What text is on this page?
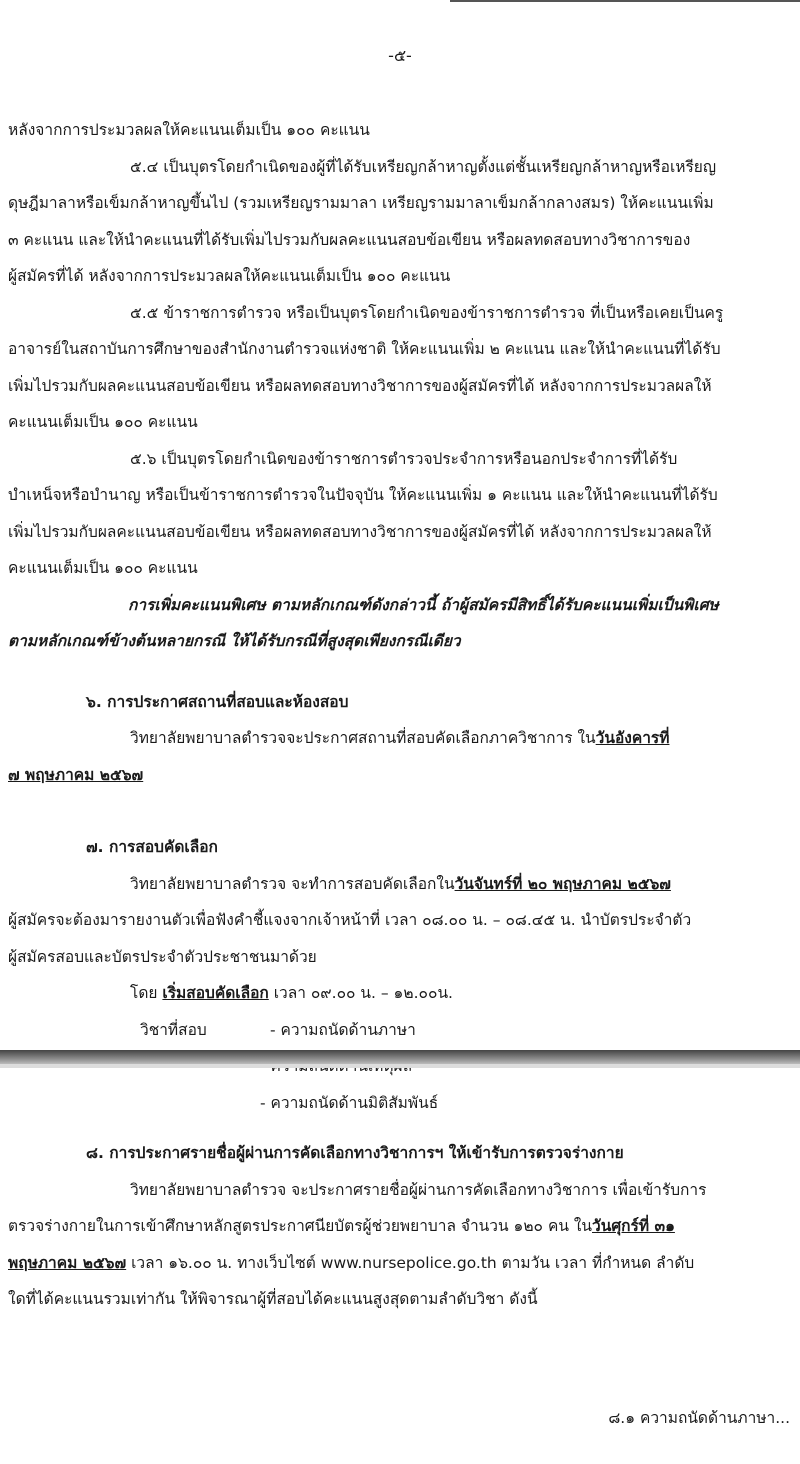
-๕-
หลังจากการประมวลผลให้คะแนนเต็มเป็น ๑๐๐ คะแนน
๕.๔ เป็นบุตรโดยกำเนิดของผู้ที่ได้รับเหรียญกล้าหาญตั้งแต่ชั้นเหรียญกล้าหาญหรือเหรียญ
ดุษฎีมาลาหรือเข็มกล้าหาญขึ้นไป (รวมเหรียญรามมาลา เหรียญรามมาลาเข็มกล้ากลางสมร) ให้คะแนนเพิ่ม
๓ คะแนน และให้นำคะแนนที่ได้รับเพิ่มไปรวมกับผลคะแนนสอบข้อเขียน หรือผลทดสอบทางวิชาการของ
ผู้สมัครที่ได้ หลังจากการประมวลผลให้คะแนนเต็มเป็น ๑๐๐ คะแนน
๕.๕ ข้าราชการตำรวจ หรือเป็นบุตรโดยกำเนิดของข้าราชการตำรวจ ที่เป็นหรือเคยเป็นครู
อาจารย์ในสถาบันการศึกษาของสำนักงานตำรวจแห่งชาติ ให้คะแนนเพิ่ม ๒ คะแนน และให้นำคะแนนที่ได้รับ
เพิ่มไปรวมกับผลคะแนนสอบข้อเขียน หรือผลทดสอบทางวิชาการของผู้สมัครที่ได้ หลังจากการประมวลผลให้
คะแนนเต็มเป็น ๑๐๐ คะแนน
๕.๖ เป็นบุตรโดยกำเนิดของข้าราชการตำรวจประจำการหรือนอกประจำการที่ได้รับ
บำเหน็จหรือบำนาญ หรือเป็นข้าราชการตำรวจในปัจจุบัน ให้คะแนนเพิ่ม ๑ คะแนน และให้นำคะแนนที่ได้รับ
เพิ่มไปรวมกับผลคะแนนสอบข้อเขียน หรือผลทดสอบทางวิชาการของผู้สมัครที่ได้ หลังจากการประมวลผลให้
คะแนนเต็มเป็น ๑๐๐ คะแนน
การเพิ่มคะแนนพิเศษ ตามหลักเกณฑ์ดังกล่าวนี้ ถ้าผู้สมัครมีสิทธิ์ได้รับคะแนนเพิ่มเป็นพิเศษ
ตามหลักเกณฑ์ข้างต้นหลายกรณี ให้ได้รับกรณีที่สูงสุดเพียงกรณีเดียว
๖. การประกาศสถานที่สอบและห้องสอบ
วิทยาลัยพยาบาลตำรวจจะประกาศสถานที่สอบคัดเลือกภาควิชาการ ในวันอังคารที่
๗ พฤษภาคม ๒๕๖๗
๗. การสอบคัดเลือก
วิทยาลัยพยาบาลตำรวจ จะทำการสอบคัดเลือกในวันจันทร์ที่ ๒๐ พฤษภาคม ๒๕๖๗
ผู้สมัครจะต้องมารายงานตัวเพื่อฟังคำชี้แจงจากเจ้าหน้าที่ เวลา ๐๘.๐๐ น. – ๐๘.๔๕ น. นำบัตรประจำตัว
ผู้สมัครสอบและบัตรประจำตัวประชาชนมาด้วย
โดย เริ่มสอบคัดเลือก เวลา ๐๙.๐๐ น. – ๑๒.๐๐น.
วิชาที่สอบ	- ความถนัดด้านภาษา
- ความถนัดด้านมิติสัมพันธ์
๘. การประกาศรายชื่อผู้ผ่านการคัดเลือกทางวิชาการฯ ให้เข้ารับการตรวจร่างกาย
วิทยาลัยพยาบาลตำรวจ จะประกาศรายชื่อผู้ผ่านการคัดเลือกทางวิชาการ เพื่อเข้ารับการ
ตรวจร่างกายในการเข้าศึกษาหลักสูตรประกาศนียบัตรผู้ช่วยพยาบาล จำนวน ๑๒๐ คน ในวันศุกร์ที่ ๓๑
พฤษภาคม ๒๕๖๗ เวลา ๑๖.๐๐ น. ทางเว็บไซต์ www.nursepolice.go.th ตามวัน เวลา ที่กำหนด ลำดับ
ใดที่ได้คะแนนรวมเท่ากัน ให้พิจารณาผู้ที่สอบได้คะแนนสูงสุดตามลำดับวิชา ดังนี้
๘.๑ ความถนัดด้านภาษา...
